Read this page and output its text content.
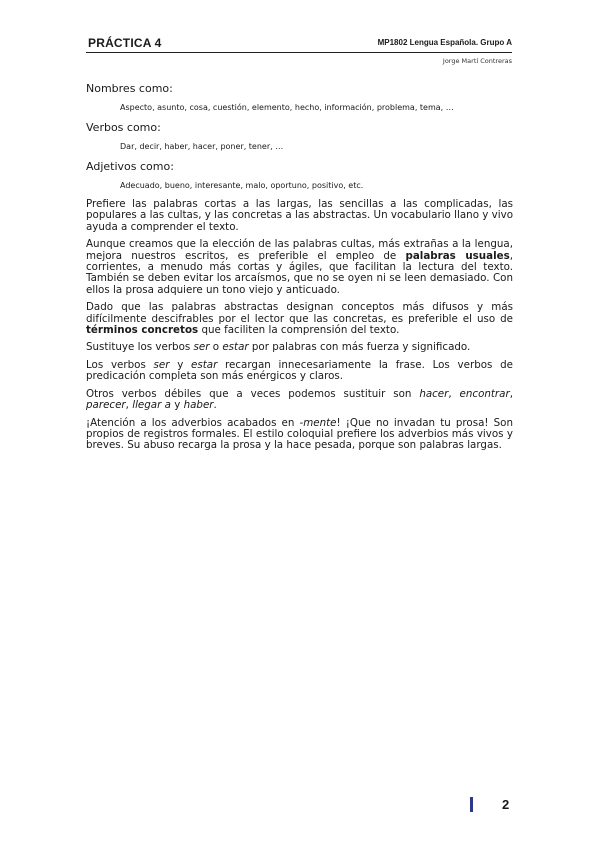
PRÁCTICA 4	MP1802 Lengua Española. Grupo A
Jorge Martí Contreras
Nombres como:
Aspecto, asunto, cosa, cuestión, elemento, hecho, información, problema, tema, …
Verbos como:
Dar, decir, haber, hacer, poner, tener, …
Adjetivos como:
Adecuado, bueno, interesante, malo, oportuno, positivo, etc.

Prefiere las palabras cortas a las largas, las sencillas a las complicadas, las populares a las cultas, y las concretas a las abstractas. Un vocabulario llano y vivo ayuda a comprender el texto.

Aunque creamos que la elección de las palabras cultas, más extrañas a la lengua, mejora nuestros escritos, es preferible el empleo de palabras usuales, corrientes, a menudo más cortas y ágiles, que facilitan la lectura del texto. También se deben evitar los arcaísmos, que no se oyen ni se leen demasiado. Con ellos la prosa adquiere un tono viejo y anticuado.

Dado que las palabras abstractas designan conceptos más difusos y más difícilmente descifrables por el lector que las concretas, es preferible el uso de términos concretos que faciliten la comprensión del texto.

Sustituye los verbos ser o estar por palabras con más fuerza y significado.

Los verbos ser y estar recargan innecesariamente la frase. Los verbos de predicación completa son más enérgicos y claros.

Otros verbos débiles que a veces podemos sustituir son hacer, encontrar, parecer, llegar a y haber.

¡Atención a los adverbios acabados en -mente! ¡Que no invadan tu prosa! Son propios de registros formales. El estilo coloquial prefiere los adverbios más vivos y breves. Su abuso recarga la prosa y la hace pesada, porque son palabras largas.

2
